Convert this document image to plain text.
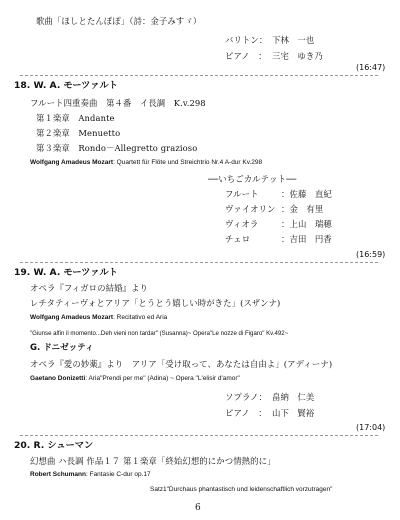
歌曲「ほしとたんぽぽ」（詩：金子みすゞ）
バリトン： 下林　一也
ピアノ　： 三宅　ゆき乃
(16:47)
18. W. A. モーツァルト
フルート四重奏曲　第４番　イ長調　K.v.298
第１楽章　Andante
第２楽章　Menuetto
第３楽章　Rondo－Allegretto grazioso
Wolfgang Amadeus Mozart: Quartett für Flöte und Streichtrio Nr.4 A-dur Kv.298
──いちごカルテット──
フルート	：佐藤　直紀
ヴァイオリン ：金　有里
ヴィオラ	：上山　瑞穂
チェロ	：吉田　円香
(16:59)
19. W. A. モーツァルト
オペラ『フィガロの結婚』より
レチタティーヴォとアリア「とうとう嬉しい時がきた」(スザンナ)
Wolfgang Amadeus Mozart: Recitativo ed Aria
"Giunse alfin il momento...Deh vieni non tardar" (Susanna)~ Opera"Le nozze di Figaro" Kv.492~
G. ドニゼッティ
オペラ『愛の妙薬』より　アリア「受け取って、あなたは自由よ」(アディーナ)
Gaetano Donizetti: Aria"Prendi per me" (Adina) ~ Opera "L'elisir d'amor"
ソプラノ： 畠納　仁美
ピアノ　： 山下　賢裕
(17:04)
20. R. シューマン
幻想曲 ハ長調 作品１７ 第１楽章「終始幻想的にかつ情熱的に」
Robert Schumann: Fantasie C-dur op.17
Satz1"Durchaus phantastisch und leidenschaftlich vorzutragen"
6
